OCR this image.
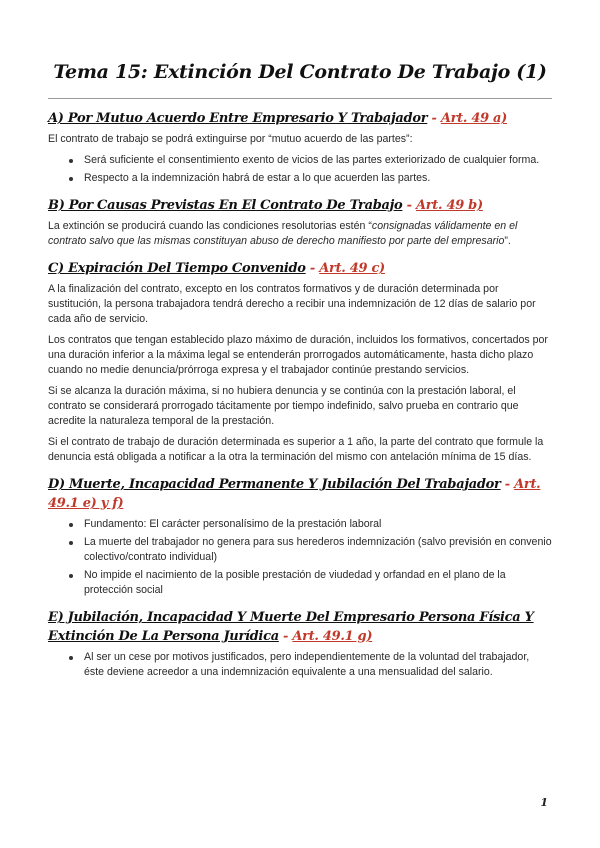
Tema 15: Extinción Del Contrato De Trabajo (1)
A) Por Mutuo Acuerdo Entre Empresario Y Trabajador - Art. 49 a)

El contrato de trabajo se podrá extinguirse por “mutuo acuerdo de las partes”:

Será suficiente el consentimiento exento de vicios de las partes exteriorizado de cualquier forma.
Respecto a la indemnización habrá de estar a lo que acuerden las partes.
B) Por Causas Previstas En El Contrato De Trabajo - Art. 49 b)

La extinción se producirá cuando las condiciones resolutorias estén “consignadas válidamente en el contrato salvo que las mismas constituyan abuso de derecho manifiesto por parte del empresario”.

C) Expiración Del Tiempo Convenido - Art. 49 c)

A la finalización del contrato, excepto en los contratos formativos y de duración determinada por sustitución, la persona trabajadora tendrá derecho a recibir una indemnización de 12 días de salario por cada año de servicio.

Los contratos que tengan establecido plazo máximo de duración, incluidos los formativos, concertados por una duración inferior a la máxima legal se entenderán prorrogados automáticamente, hasta dicho plazo cuando no medie denuncia/prórroga expresa y el trabajador continúe prestando servicios.

Si se alcanza la duración máxima, si no hubiera denuncia y se continúa con la prestación laboral, el contrato se considerará prorrogado tácitamente por tiempo indefinido, salvo prueba en contrario que acredite la naturaleza temporal de la prestación.

Si el contrato de trabajo de duración determinada es superior a 1 año, la parte del contrato que formule la denuncia está obligada a notificar a la otra la terminación del mismo con antelación mínima de 15 días.

D) Muerte, Incapacidad Permanente Y Jubilación Del Trabajador - Art. 49.1 e) y f)
Fundamento: El carácter personalísimo de la prestación laboral
La muerte del trabajador no genera para sus herederos indemnización (salvo previsión en convenio colectivo/contrato individual)
No impide el nacimiento de la posible prestación de viudedad y orfandad en el plano de la protección social
E) Jubilación, Incapacidad Y Muerte Del Empresario Persona Física Y Extinción De La Persona Jurídica - Art. 49.1 g)
Al ser un cese por motivos justificados, pero independientemente de la voluntad del trabajador, éste deviene acreedor a una indemnización equivalente a una mensualidad del salario.
1
